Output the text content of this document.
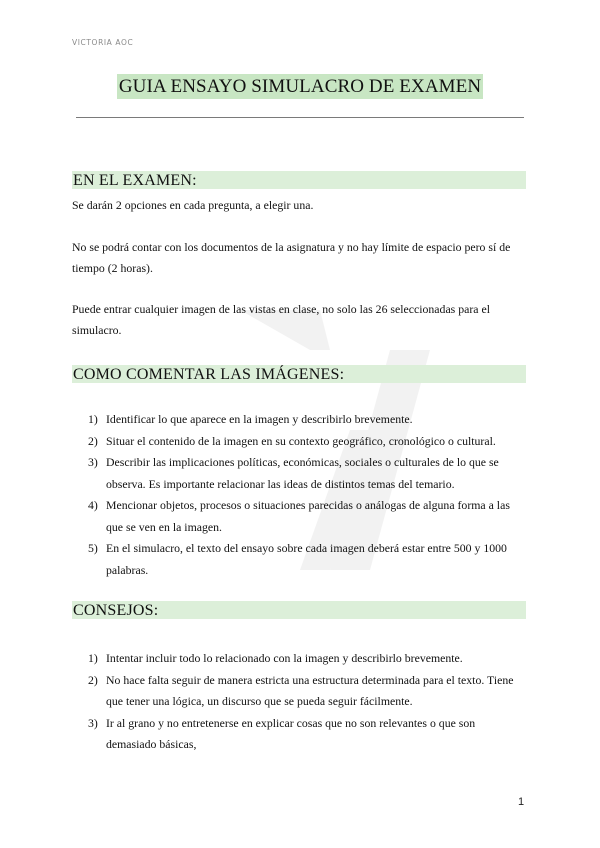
VICTORIA AOC
GUIA ENSAYO SIMULACRO DE EXAMEN
EN EL EXAMEN:
Se darán 2 opciones en cada pregunta, a elegir una.
No se podrá contar con los documentos de la asignatura y no hay límite de espacio pero sí de tiempo (2 horas).
Puede entrar cualquier imagen de las vistas en clase, no solo las 26 seleccionadas para el simulacro.
COMO COMENTAR LAS IMÁGENES:
1) Identificar lo que aparece en la imagen y describirlo brevemente.
2) Situar el contenido de la imagen en su contexto geográfico, cronológico o cultural.
3) Describir las implicaciones políticas, económicas, sociales o culturales de lo que se observa. Es importante relacionar las ideas de distintos temas del temario.
4) Mencionar objetos, procesos o situaciones parecidas o análogas de alguna forma a las que se ven en la imagen.
5) En el simulacro, el texto del ensayo sobre cada imagen deberá estar entre 500 y 1000 palabras.
CONSEJOS:
1) Intentar incluir todo lo relacionado con la imagen y describirlo brevemente.
2) No hace falta seguir de manera estricta una estructura determinada para el texto. Tiene que tener una lógica, un discurso que se pueda seguir fácilmente.
3) Ir al grano y no entretenerse en explicar cosas que no son relevantes o que son demasiado básicas,
1
